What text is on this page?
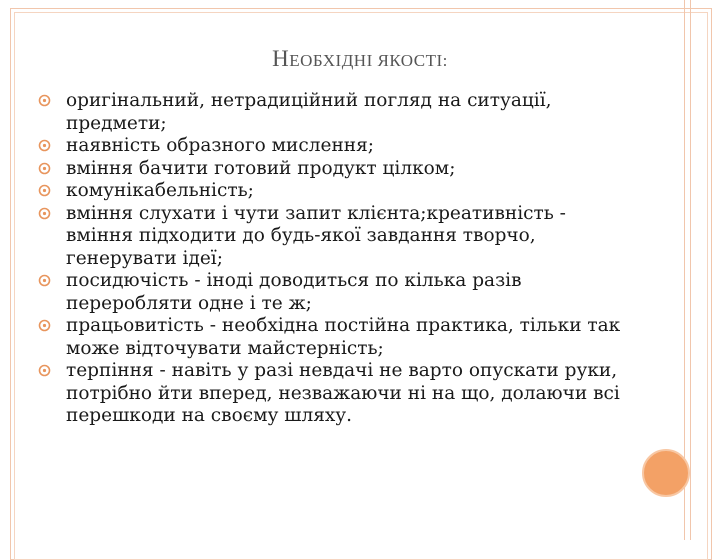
НЕОБХІДНІ ЯКОСТІ:
оригінальний, нетрадиційний погляд на ситуації, предмети;
наявність образного мислення;
вміння бачити готовий продукт цілком;
комунікабельність;
вміння слухати і чути запит клієнта;креативність - вміння підходити до будь-якої завдання творчо, генерувати ідеї;
посидючість - іноді доводиться по кілька разів переробляти одне і те ж;
працьовитість - необхідна постійна практика, тільки так може відточувати майстерність;
терпіння - навіть у разі невдачі не варто опускати руки, потрібно йти вперед, незважаючи ні на що, долаючи всі перешкоди на своєму шляху.
